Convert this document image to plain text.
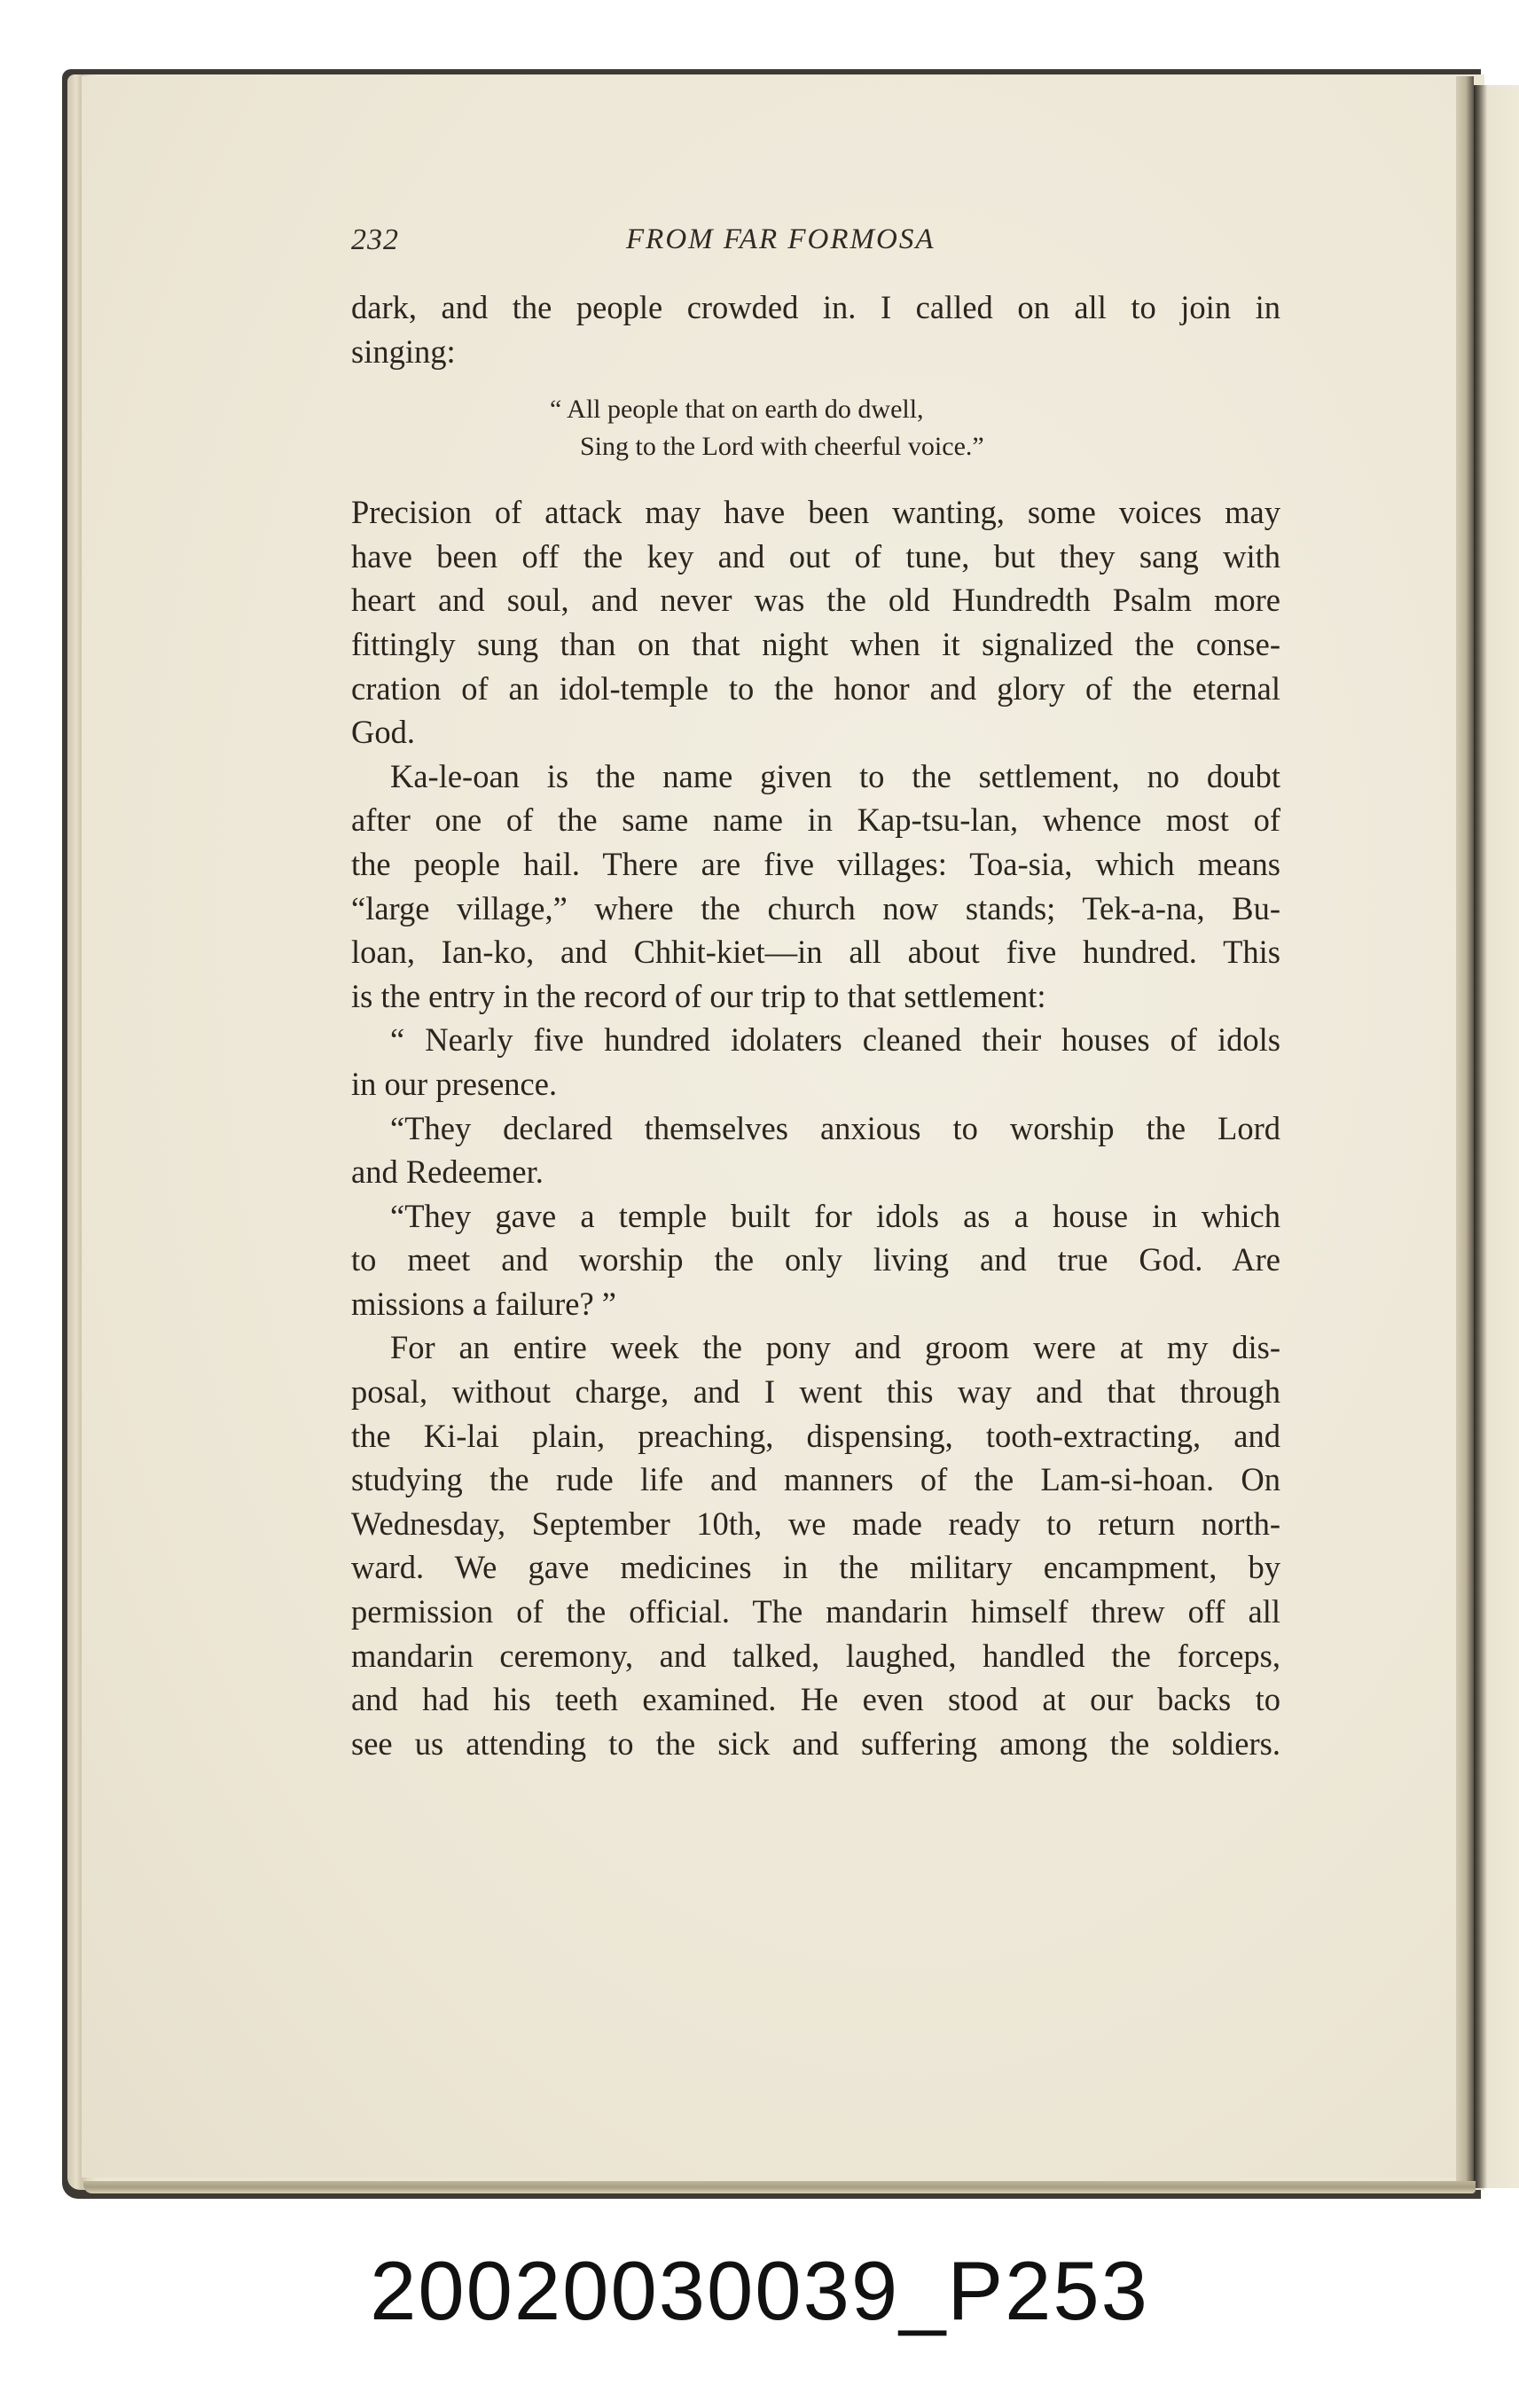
232	FROM FAR FORMOSA
dark, and the people crowded in. I called on all to join in
singing:
“ All people that on earth do dwell,
Sing to the Lord with cheerful voice.”
Precision of attack may have been wanting, some voices may
have been off the key and out of tune, but they sang with
heart and soul, and never was the old Hundredth Psalm more
fittingly sung than on that night when it signalized the conse-
cration of an idol-temple to the honor and glory of the eternal
God.
Ka-le-oan is the name given to the settlement, no doubt
after one of the same name in Kap-tsu-lan, whence most of
the people hail. There are five villages: Toa-sia, which means
“large village,” where the church now stands; Tek-a-na, Bu-
loan, Ian-ko, and Chhit-kiet—in all about five hundred. This
is the entry in the record of our trip to that settlement:
“ Nearly five hundred idolaters cleaned their houses of idols
in our presence.
“They declared themselves anxious to worship the Lord
and Redeemer.
“They gave a temple built for idols as a house in which
to meet and worship the only living and true God. Are
missions a failure? ”
For an entire week the pony and groom were at my dis-
posal, without charge, and I went this way and that through
the Ki-lai plain, preaching, dispensing, tooth-extracting, and
studying the rude life and manners of the Lam-si-hoan. On
Wednesday, September 10th, we made ready to return north-
ward. We gave medicines in the military encampment, by
permission of the official. The mandarin himself threw off all
mandarin ceremony, and talked, laughed, handled the forceps,
and had his teeth examined. He even stood at our backs to
see us attending to the sick and suffering among the soldiers.
20020030039_P253
